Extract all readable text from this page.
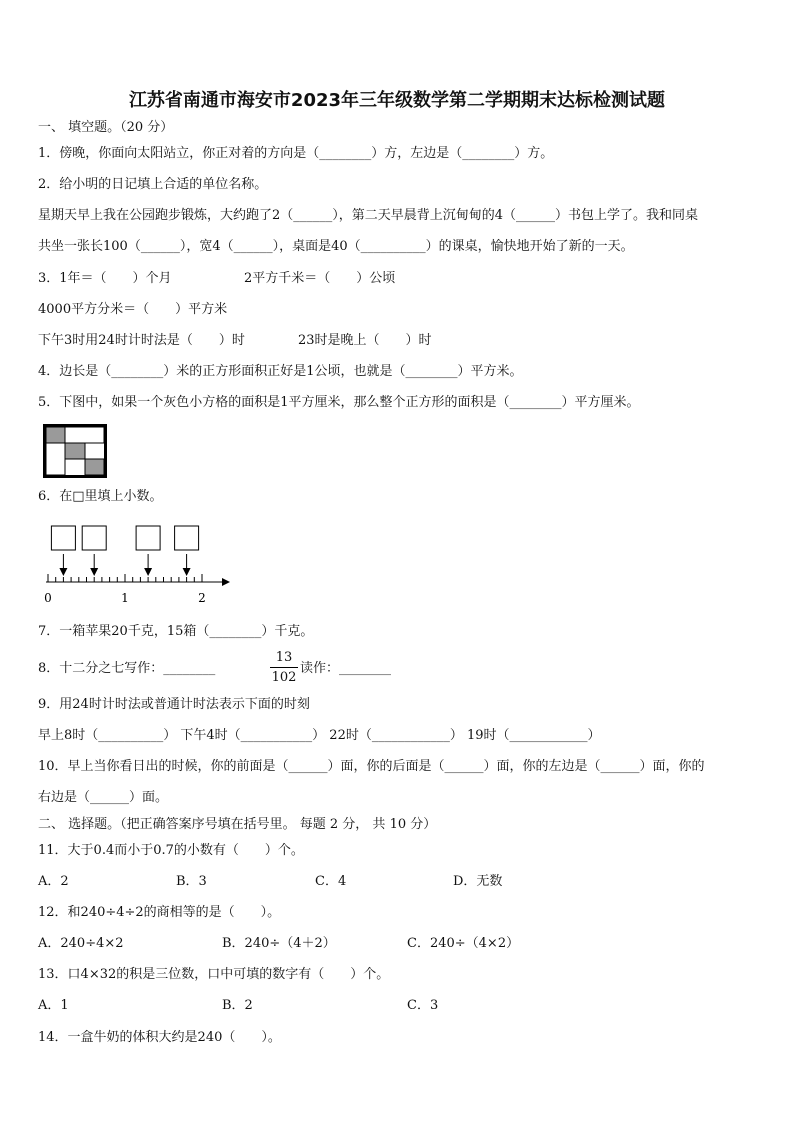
江苏省南通市海安市2023年三年级数学第二学期期末达标检测试题
一、 填空题。（20 分）
1．傍晚，你面向太阳站立，你正对着的方向是（________）方，左边是（________）方。
2．给小明的日记填上合适的单位名称。
星期天早上我在公园跑步锻炼，大约跑了2（______），第二天早晨背上沉甸甸的4（______）书包上学了。我和同桌
共坐一张长100（______），宽4（______），桌面是40（__________）的课桌，愉快地开始了新的一天。
3．1年＝（　　）个月	2平方千米＝（　　）公顷
4000平方分米＝（　　）平方米
下午3时用24时计时法是（　　）时	23时是晚上（　　）时
4．边长是（________）米的正方形面积正好是1公顷，也就是（________）平方米。
5．下图中，如果一个灰色小方格的面积是1平方厘米，那么整个正方形的面积是（________）平方厘米。
6．在□里填上小数。
0	1	2
7．一箱苹果20千克，15箱（________）千克。
8．十二分之七写作：________
13
102
读作：________
9．用24时计时法或普通计时法表示下面的时刻
早上8时（__________） 下午4时（___________） 22时（____________） 19时（____________）
10．早上当你看日出的时候，你的前面是（______）面，你的后面是（______）面，你的左边是（______）面，你的
右边是（______）面。
二、 选择题。（把正确答案序号填在括号里。 每题 2 分， 共 10 分）
11．大于0.4而小于0.7的小数有（　　）个。
A．2	B．3	C．4	D．无数
12．和240÷4÷2的商相等的是（　　）。
A．240÷4×2	B．240÷（4＋2）	C．240÷（4×2）
13．口4×32的积是三位数，口中可填的数字有（　　）个。
A．1	B．2	C．3
14．一盒牛奶的体积大约是240（　　）。
